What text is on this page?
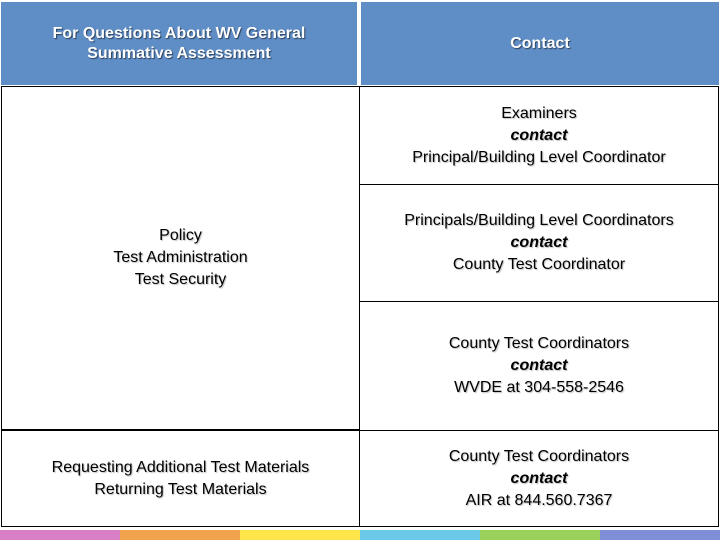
For Questions About WV General
Summative Assessment
Contact
Policy
Test Administration
Test Security
Requesting Additional Test Materials
Returning Test Materials
Examiners
contact
Principal/Building Level Coordinator
Principals/Building Level Coordinators
contact
County Test Coordinator
County Test Coordinators
contact
WVDE at 304-558-2546
County Test Coordinators
contact
AIR at 844.560.7367
